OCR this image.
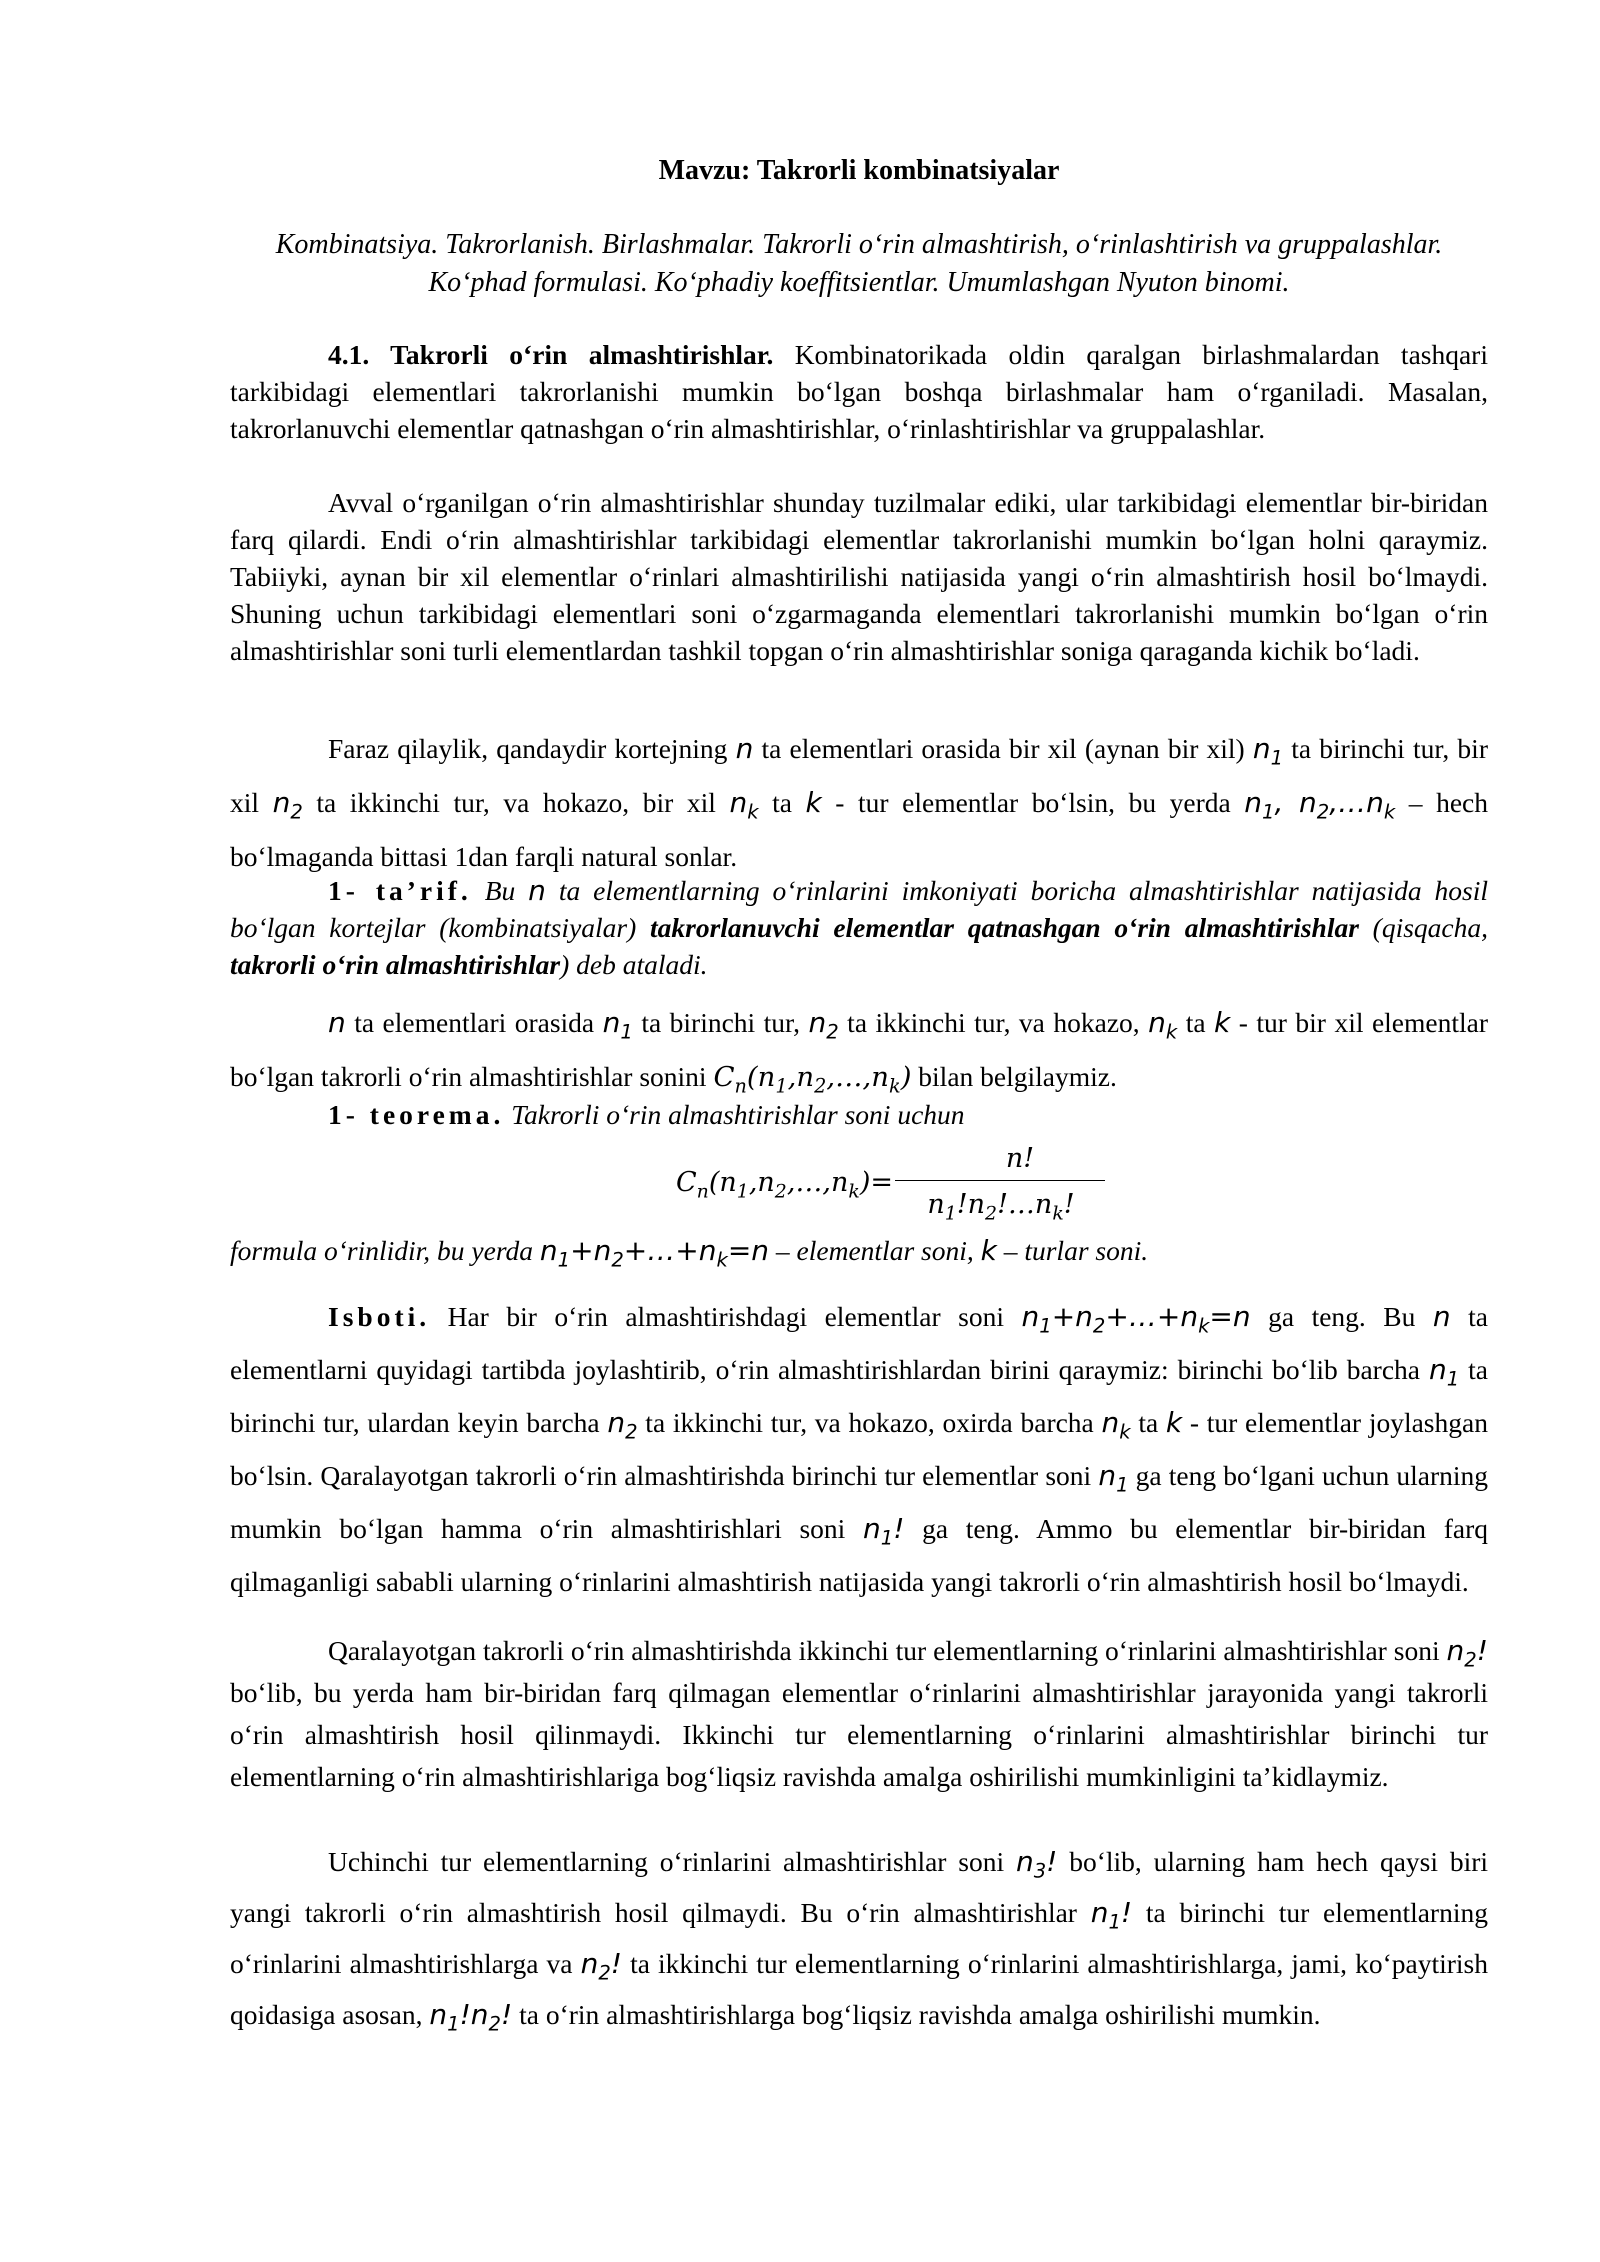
Mavzu: Takrorli kombinatsiyalar
Kombinatsiya. Takrorlanish. Birlashmalar. Takrorli o‘rin almashtirish, o‘rinlashtirish va gruppalashlar. Ko‘phad formulasi. Ko‘phadiy koeffitsientlar. Umumlashgan Nyuton binomi.
4.1. Takrorli o‘rin almashtirishlar. Kombinatorikada oldin qaralgan birlashmalardan tashqari tarkibidagi elementlari takrorlanishi mumkin bo‘lgan boshqa birlashmalar ham o‘rganiladi. Masalan, takrorlanuvchi elementlar qatnashgan o‘rin almashtirishlar, o‘rinlashtirishlar va gruppalashlar.
Avval o‘rganilgan o‘rin almashtirishlar shunday tuzilmalar ediki, ular tarkibidagi elementlar bir-biridan farq qilardi. Endi o‘rin almashtirishlar tarkibidagi elementlar takrorlanishi mumkin bo‘lgan holni qaraymiz. Tabiiyki, aynan bir xil elementlar o‘rinlari almashtirilishi natijasida yangi o‘rin almashtirish hosil bo‘lmaydi. Shuning uchun tarkibidagi elementlari soni o‘zgarmaganda elementlari takrorlanishi mumkin bo‘lgan o‘rin almashtirishlar soni turli elementlardan tashkil topgan o‘rin almashtirishlar soniga qaraganda kichik bo‘ladi.
Faraz qilaylik, qandaydir kortejning n ta elementlari orasida bir xil (aynan bir xil) $n_1$ ta birinchi tur, bir xil $n_2$ ta ikkinchi tur, va hokazo, bir xil $n_k$ ta k - tur elementlar bo‘lsin, bu yerda $n_1$, $n_2,\dots n_k$ – hech bo‘lmaganda bittasi 1dan farqli natural sonlar.
1- ta’rif. Bu n ta elementlarning o‘rinlarini imkoniyati boricha almashtirishlar natijasida hosil bo‘lgan kortejlar (kombinatsiyalar) takrorlanuvchi elementlar qatnashgan o‘rin almashtirishlar (qisqacha, takrorli o‘rin almashtirishlar) deb ataladi.
n ta elementlari orasida $n_1$ ta birinchi tur, $n_2$ ta ikkinchi tur, va hokazo, $n_k$ ta k - tur bir xil elementlar bo‘lgan takrorli o‘rin almashtirishlar sonini $C_n(n_1,n_2,\dots,n_k)$ bilan belgilaymiz.
1- teorema. Takrorli o‘rin almashtirishlar soni uchun
$C_n(n_1,n_2,\dots,n_k)=$
n!
$n_1!n_2!\dots n_k$!
formula o‘rinlidir, bu yerda $n_1+n_2+\dots+n_k=n$ – elementlar soni, k – turlar soni.
Isboti. Har bir o‘rin almashtirishdagi elementlar soni $n_1+n_2+\dots+n_k=n$ ga teng. Bu n ta elementlarni quyidagi tartibda joylashtirib, o‘rin almashtirishlardan birini qaraymiz: birinchi bo‘lib barcha $n_1$ ta birinchi tur, ulardan keyin barcha $n_2$ ta ikkinchi tur, va hokazo, oxirda barcha $n_k$ ta k - tur elementlar joylashgan bo‘lsin. Qaralayotgan takrorli o‘rin almashtirishda birinchi tur elementlar soni $n_1$ ga teng bo‘lgani uchun ularning mumkin bo‘lgan hamma o‘rin almashtirishlari soni $n_1$! ga teng. Ammo bu elementlar bir-biridan farq qilmaganligi sababli ularning o‘rinlarini almashtirish natijasida yangi takrorli o‘rin almashtirish hosil bo‘lmaydi.
Qaralayotgan takrorli o‘rin almashtirishda ikkinchi tur elementlarning o‘rinlarini almashtirishlar soni $n_2$! bo‘lib, bu yerda ham bir-biridan farq qilmagan elementlar o‘rinlarini almashtirishlar jarayonida yangi takrorli o‘rin almashtirish hosil qilinmaydi. Ikkinchi tur elementlarning o‘rinlarini almashtirishlar birinchi tur elementlarning o‘rin almashtirishlariga bog‘liqsiz ravishda amalga oshirilishi mumkinligini ta’kidlaymiz.
Uchinchi tur elementlarning o‘rinlarini almashtirishlar soni $n_3$! bo‘lib, ularning ham hech qaysi biri yangi takrorli o‘rin almashtirish hosil qilmaydi. Bu o‘rin almashtirishlar $n_1$! ta birinchi tur elementlarning o‘rinlarini almashtirishlarga va $n_2$! ta ikkinchi tur elementlarning o‘rinlarini almashtirishlarga, jami, ko‘paytirish qoidasiga asosan, $n_1!n_2$! ta o‘rin almashtirishlarga bog‘liqsiz ravishda amalga oshirilishi mumkin.
